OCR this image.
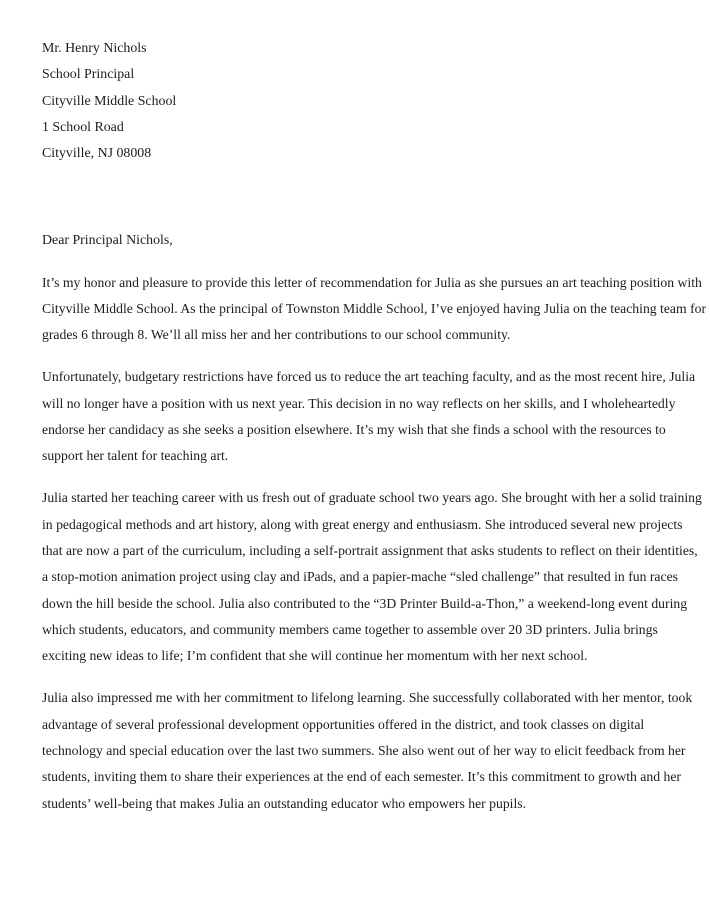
Mr. Henry Nichols
School Principal
Cityville Middle School
1 School Road
Cityville, NJ 08008
Dear Principal Nichols,
It’s my honor and pleasure to provide this letter of recommendation for Julia as she pursues an art teaching position with
Cityville Middle School. As the principal of Townston Middle School, I’ve enjoyed having Julia on the teaching team for
grades 6 through 8. We’ll all miss her and her contributions to our school community.
Unfortunately, budgetary restrictions have forced us to reduce the art teaching faculty, and as the most recent hire, Julia
will no longer have a position with us next year. This decision in no way reflects on her skills, and I wholeheartedly
endorse her candidacy as she seeks a position elsewhere. It’s my wish that she finds a school with the resources to
support her talent for teaching art.
Julia started her teaching career with us fresh out of graduate school two years ago. She brought with her a solid training
in pedagogical methods and art history, along with great energy and enthusiasm. She introduced several new projects
that are now a part of the curriculum, including a self-portrait assignment that asks students to reflect on their identities,
a stop-motion animation project using clay and iPads, and a papier-mache “sled challenge” that resulted in fun races
down the hill beside the school. Julia also contributed to the “3D Printer Build-a-Thon,” a weekend-long event during
which students, educators, and community members came together to assemble over 20 3D printers. Julia brings
exciting new ideas to life; I’m confident that she will continue her momentum with her next school.
Julia also impressed me with her commitment to lifelong learning. She successfully collaborated with her mentor, took
advantage of several professional development opportunities offered in the district, and took classes on digital
technology and special education over the last two summers. She also went out of her way to elicit feedback from her
students, inviting them to share their experiences at the end of each semester. It’s this commitment to growth and her
students’ well-being that makes Julia an outstanding educator who empowers her pupils.
